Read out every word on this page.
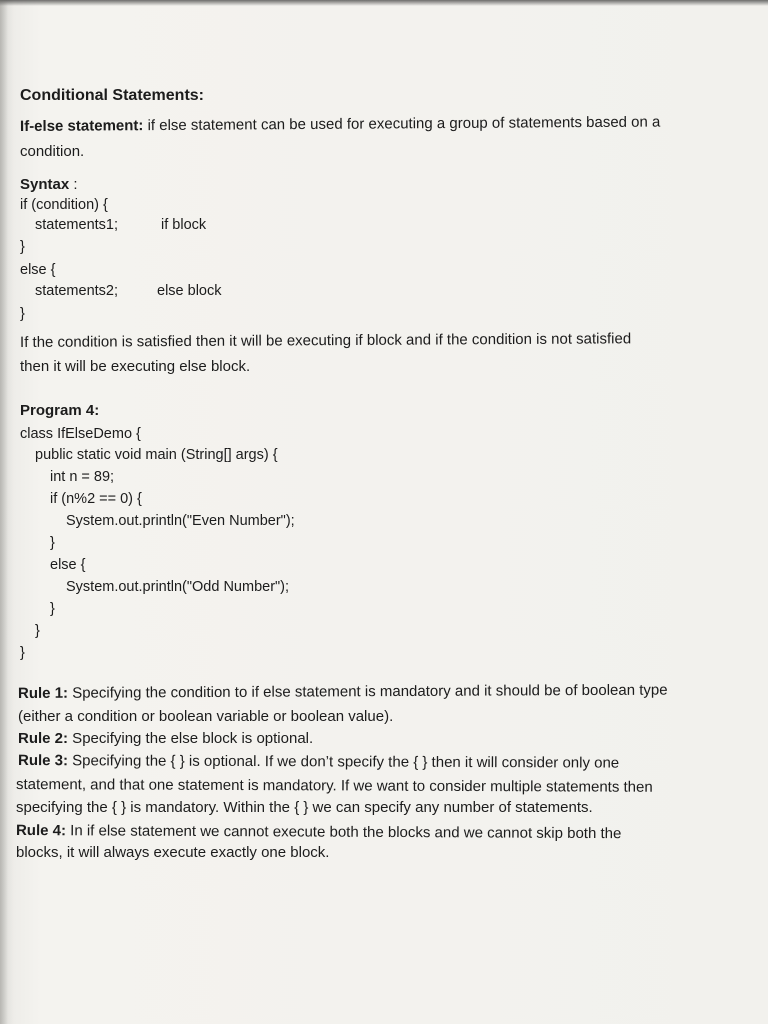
Conditional Statements:
If-else statement: if else statement can be used for executing a group of statements based on a
condition.
Syntax :
if (condition) {
statements1;	if block
}
else {
statements2;	else block
}
If the condition is satisfied then it will be executing if block and if the condition is not satisfied
then it will be executing else block.
Program 4:
class IfElseDemo {
public static void main (String[] args) {
int n = 89;
if (n%2 == 0) {
System.out.println("Even Number");
}
else {
System.out.println("Odd Number");
}
}
}
Rule 1: Specifying the condition to if else statement is mandatory and it should be of boolean type
(either a condition or boolean variable or boolean value).
Rule 2: Specifying the else block is optional.
Rule 3: Specifying the { } is optional. If we don’t specify the { } then it will consider only one
statement, and that one statement is mandatory. If we want to consider multiple statements then
specifying the { } is mandatory. Within the { } we can specify any number of statements.
Rule 4: In if else statement we cannot execute both the blocks and we cannot skip both the
blocks, it will always execute exactly one block.
